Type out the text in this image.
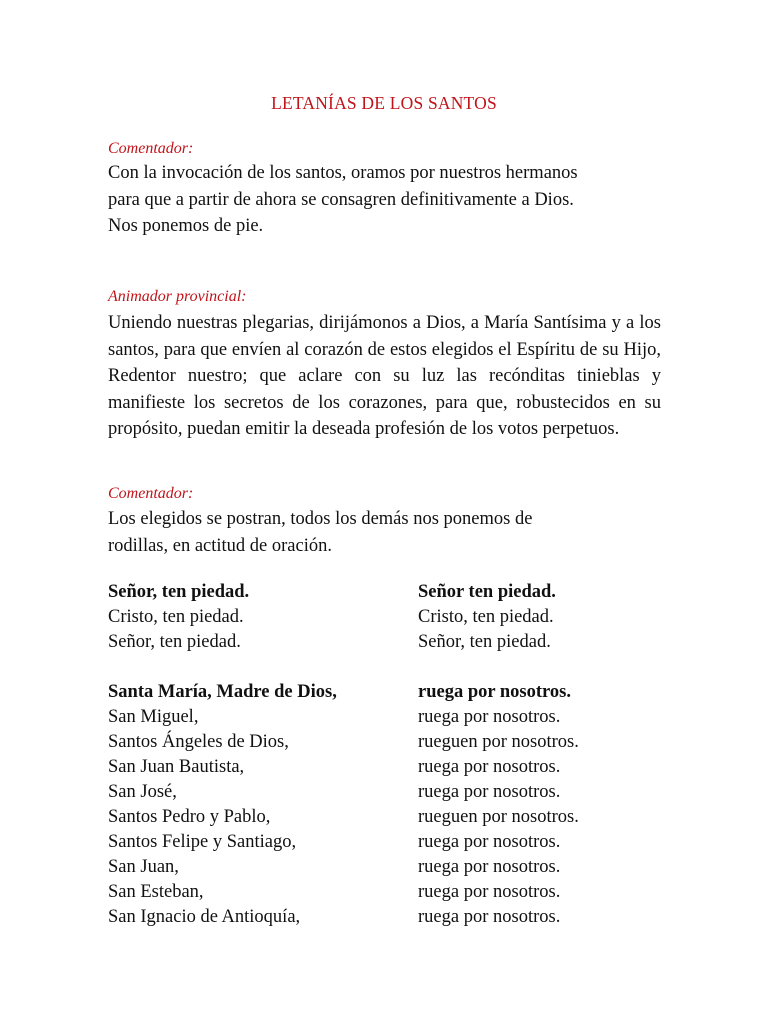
LETANÍAS DE LOS SANTOS
Comentador:
Con la invocación de los santos, oramos por nuestros hermanos
para que a partir de ahora se consagren definitivamente a Dios.
Nos ponemos de pie.
Animador provincial:

Uniendo nuestras plegarias, dirijámonos a Dios, a María Santísima y a los santos, para que envíen al corazón de estos elegidos el Espíritu de su Hijo, Redentor nuestro; que aclare con su luz las recónditas tinieblas y manifieste los secretos de los corazones, para que, robustecidos en su propósito, puedan emitir la deseada profesión de los votos perpetuos.

Comentador:
Los elegidos se postran, todos los demás nos ponemos de
rodillas, en actitud de oración.
Señor, ten piedad.	Señor ten piedad.
Cristo, ten piedad.	Cristo, ten piedad.
Señor, ten piedad.	Señor, ten piedad.
Santa María, Madre de Dios,	ruega por nosotros.
San Miguel,	ruega por nosotros.
Santos Ángeles de Dios,	rueguen por nosotros.
San Juan Bautista,	ruega por nosotros.
San José,	ruega por nosotros.
Santos Pedro y Pablo,	rueguen por nosotros.
Santos Felipe y Santiago,	ruega por nosotros.
San Juan,	ruega por nosotros.
San Esteban,	ruega por nosotros.
San Ignacio de Antioquía,	ruega por nosotros.
